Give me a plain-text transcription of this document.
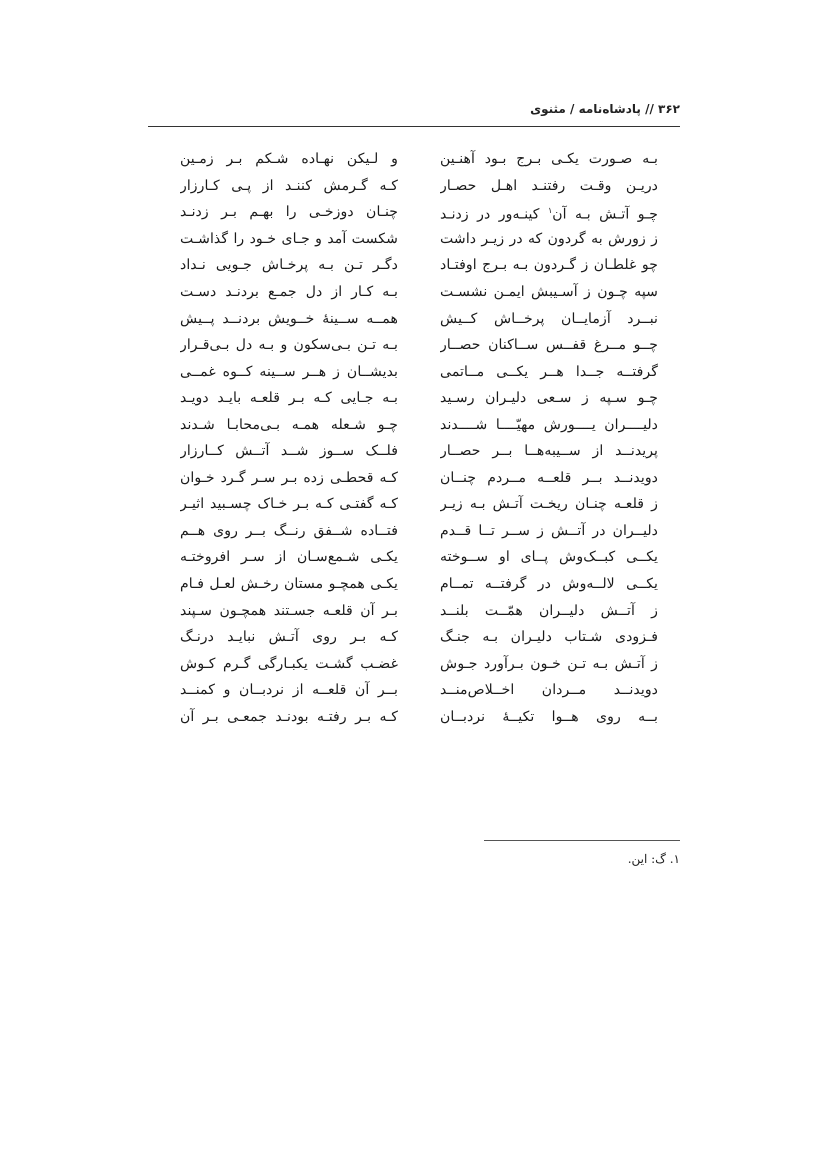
۳۶۲ // پادشاه‌نامه / مثنوی
بـه صـورت یکـی بـرج بـود آهنـین
و لـیکن نهـاده شـکم بـر زمـین
دریـن وقـت رفتنـد اهـل حصـار
کـه گـرمش کننـد از پـی کـارزار
چـو آتـش بـه آن$^۱$ کینـه‌ور در زدنـد
چنـان دوزخـی را بهـم بـر زدنـد
ز زورش به گردون که در زیـر داشت
شکست آمد و جـای خـود را گذاشـت
چو غلطـان ز گـردون بـه بـرج اوفتـاد
دگـر تـن بـه پرخـاش جـویی نـداد
سپه چـون ز آسـیبش ایمـن نشسـت
بـه کـار از دل جمـع بردنـد دسـت
نبــرد آزمایــان پرخــاش کــیش
همــه ســینهٔ خــویش بردنــد پــیش
چــو مــرغ قفــس ســاکنان حصــار
بـه تـن بـی‌سکون و بـه دل بـی‌قـرار
گرفتــه جــدا هــر یکــی مــاتمی
بدیشــان ز هــر ســینه کــوه غمــی
چـو سـپه ز سـعی دلیـران رسـید
بـه جـایی کـه بـر قلعـه بایـد دویـد
دلیــــران یــــورش مهیّــــا شــــدند
چـو شـعله همـه بـی‌محابـا شـدند
پریدنــد از ســیبه‌هــا بــر حصــار
فلــک ســوز شــد آتــش کــارزار
دویدنــد بــر قلعــه مــردم چنــان
کـه قحطـی زده بـر سـر گـرد خـوان
ز قلعـه چنـان ریخـت آتـش بـه زیـر
کـه گفتـی کـه بـر خـاک چسـبید اثیـر
دلیــران در آتــش ز ســر تــا قــدم
فتــاده شــفق رنــگ بــر روی هــم
یکــی کبــک‌وش پــای او ســوخته
یکـی شـمع‌سـان از سـر افروختـه
یکــی لالــه‌وش در گرفتــه تمــام
یکـی همچـو مستان رخـش لعـل فـام
ز آتــش دلیــران همّــت بلنــد
بـر آن قلعـه جسـتند همچـون سـپند
فـزودی شـتاب دلیـران بـه جنـگ
کـه بـر روی آتـش نبایـد درنـگ
ز آتـش بـه تـن خـون بـرآورد جـوش
غضـب گشـت یکبـارگی گـرم کـوش
دویدنــد مــردان اخــلاص‌منــد
بــر آن قلعــه از نردبــان و کمنــد
بــه روی هــوا تکیــهٔ نردبــان
کـه بـر رفتـه بودنـد جمعـی بـر آن
۱. گ: این.
